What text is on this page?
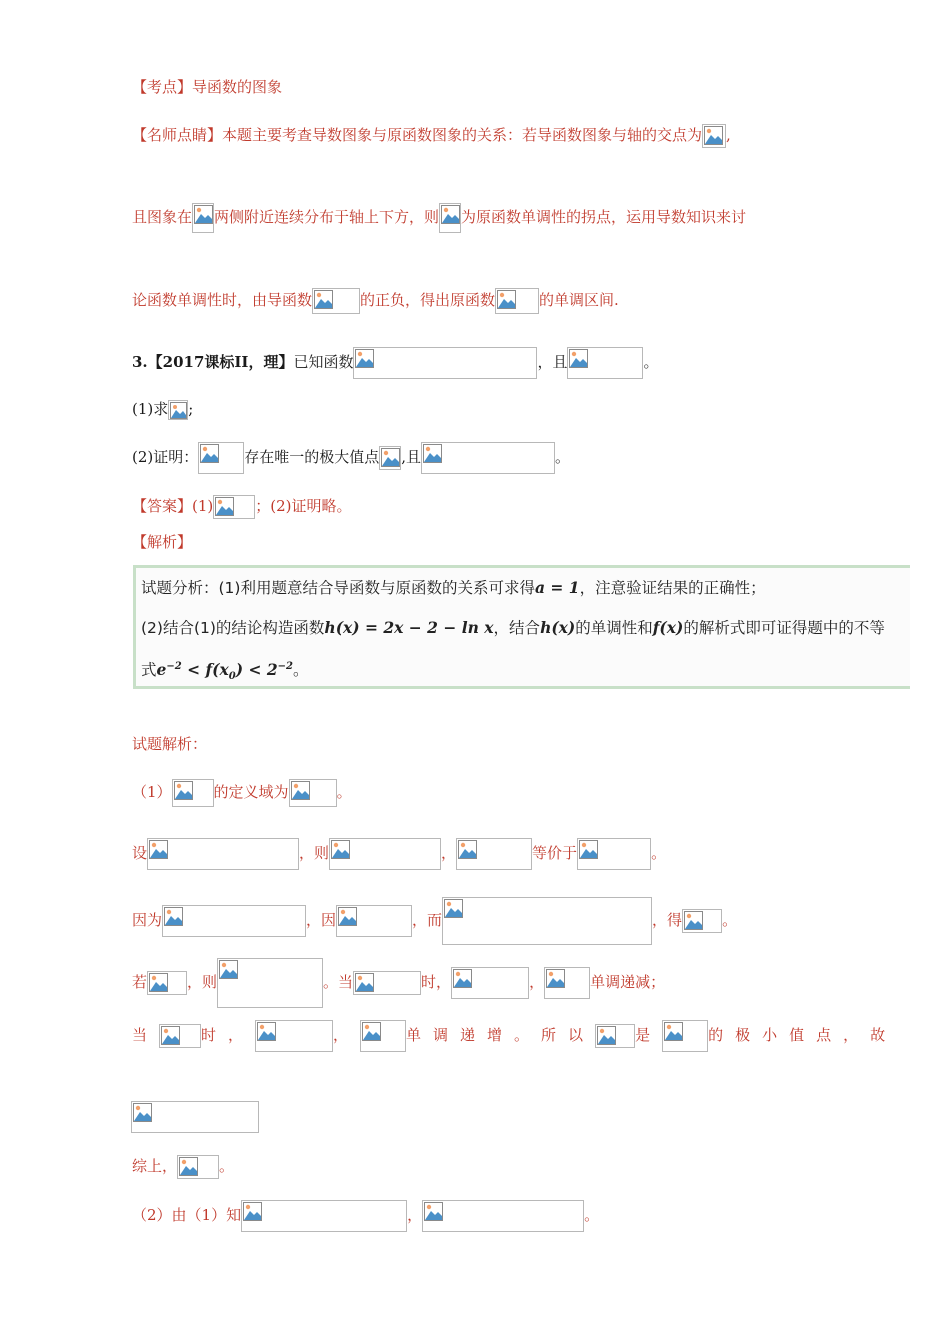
【考点】导函数的图象
【名师点睛】本题主要考查导数图象与原函数图象的关系：若导函数图象与轴的交点为 ,
且图象在 两侧附近连续分布于轴上下方，则 为原函数单调性的拐点，运用导数知识来讨
论函数单调性时，由导函数	的正负，得出原函数	的单调区间.
3.【2017课标II，理】已知函数	，且	。
(1)求 ;
(2)证明：	存在唯一的极大值点 ,且	。
【答案】(1)	；(2)证明略。
【解析】
试题分析：(1)利用题意结合导函数与原函数的关系可求得a = 1，注意验证结果的正确性；
(2)结合(1)的结论构造函数h(x) = 2x − 2 − ln x，结合h(x)的单调性和f(x)的解析式即可证得题中的不等
式$e^{-2} < f(x_0) < 2^{-2}$。
试题解析：
（1）	的定义域为	。
设	，则	，	等价于	。
因为	，因	，而	，得	。
若	，则	。当	时，	，	单调递减；
当	时，	，	单调递增。所以	是	的极小值点，故
综上，	。
（2）由（1）知	，	。
